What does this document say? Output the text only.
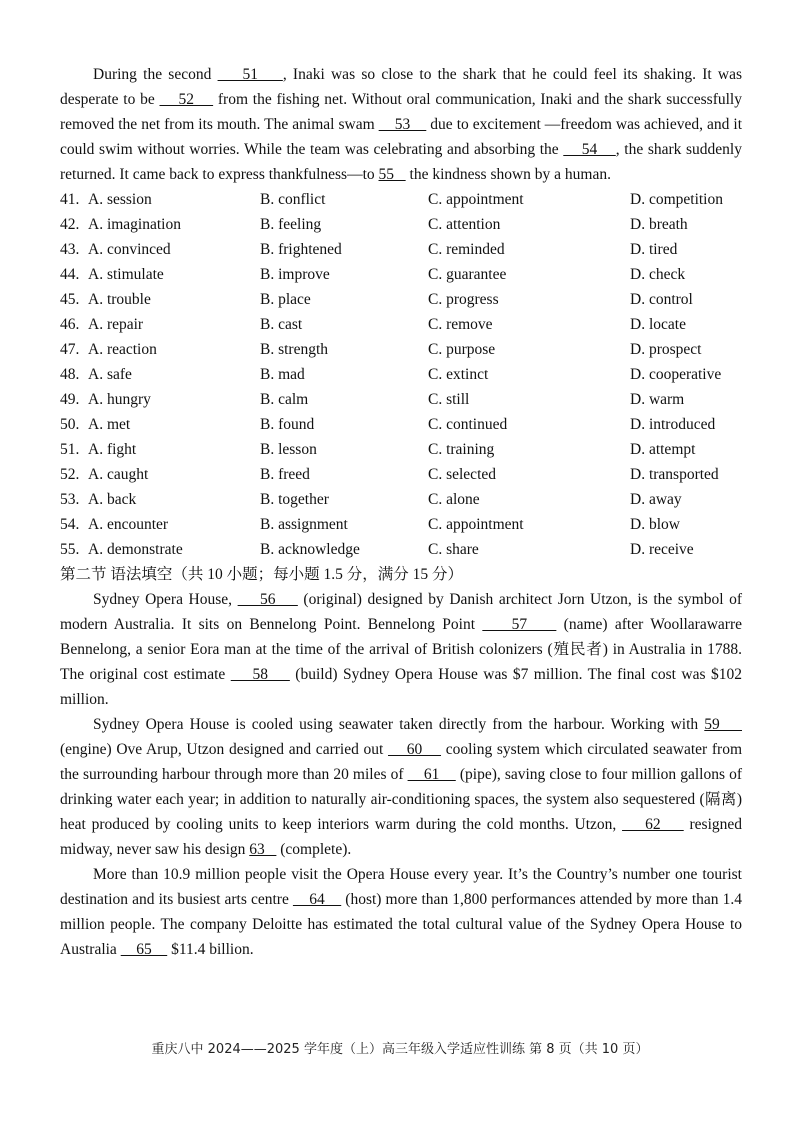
During the second     51    , Inaki was so close to the shark that he could feel its shaking. It was desperate to be     52     from the fishing net. Without oral communication, Inaki and the shark successfully removed the net from its mouth. The animal swam     53     due to excitement —freedom was achieved, and it could swim without worries. While the team was celebrating and absorbing the     54    , the shark suddenly returned. It came back to express thankfulness—to 55    the kindness shown by a human.

41. A. session	B. conflict	C. appointment	D. competition
42. A. imagination	B. feeling	C. attention	D. breath
43. A. convinced	B. frightened	C. reminded	D. tired
44. A. stimulate	B. improve	C. guarantee	D. check
45. A. trouble	B. place	C. progress	D. control
46. A. repair	B. cast	C. remove	D. locate
47. A. reaction	B. strength	C. purpose	D. prospect
48. A. safe	B. mad	C. extinct	D. cooperative
49. A. hungry	B. calm	C. still	D. warm
50. A. met	B. found	C. continued	D. introduced
51. A. fight	B. lesson	C. training	D. attempt
52. A. caught	B. freed	C. selected	D. transported
53. A. back	B. together	C. alone	D. away
54. A. encounter	B. assignment	C. appointment	D. blow
55. A. demonstrate	B. acknowledge	C. share	D. receive

第二节 语法填空（共 10 小题；每小题 1.5 分，满分 15 分）

Sydney Opera House,     56     (original) designed by Danish architect Jorn Utzon, is the symbol of modern Australia. It sits on Bennelong Point. Bennelong Point     57     (name) after Woollarawarre Bennelong, a senior Eora man at the time of the arrival of British colonizers (殖民者) in Australia in 1788. The original cost estimate     58     (build) Sydney Opera House was $7 million. The final cost was $102 million.

Sydney Opera House is cooled using seawater taken directly from the harbour. Working with 59     (engine) Ove Arup, Utzon designed and carried out     60     cooling system which circulated seawater from the surrounding harbour through more than 20 miles of     61     (pipe), saving close to four million gallons of drinking water each year; in addition to naturally air-conditioning spaces, the system also sequestered (隔离) heat produced by cooling units to keep interiors warm during the cold months. Utzon,     62     resigned midway, never saw his design 63    (complete).

More than 10.9 million people visit the Opera House every year. It’s the Country’s number one tourist destination and its busiest arts centre     64     (host) more than 1,800 performances attended by more than 1.4 million people. The company Deloitte has estimated the total cultural value of the Sydney Opera House to Australia     65     $11.4 billion.

重庆八中 2024——2025 学年度（上）高三年级入学适应性训练 第 8 页（共 10 页）
